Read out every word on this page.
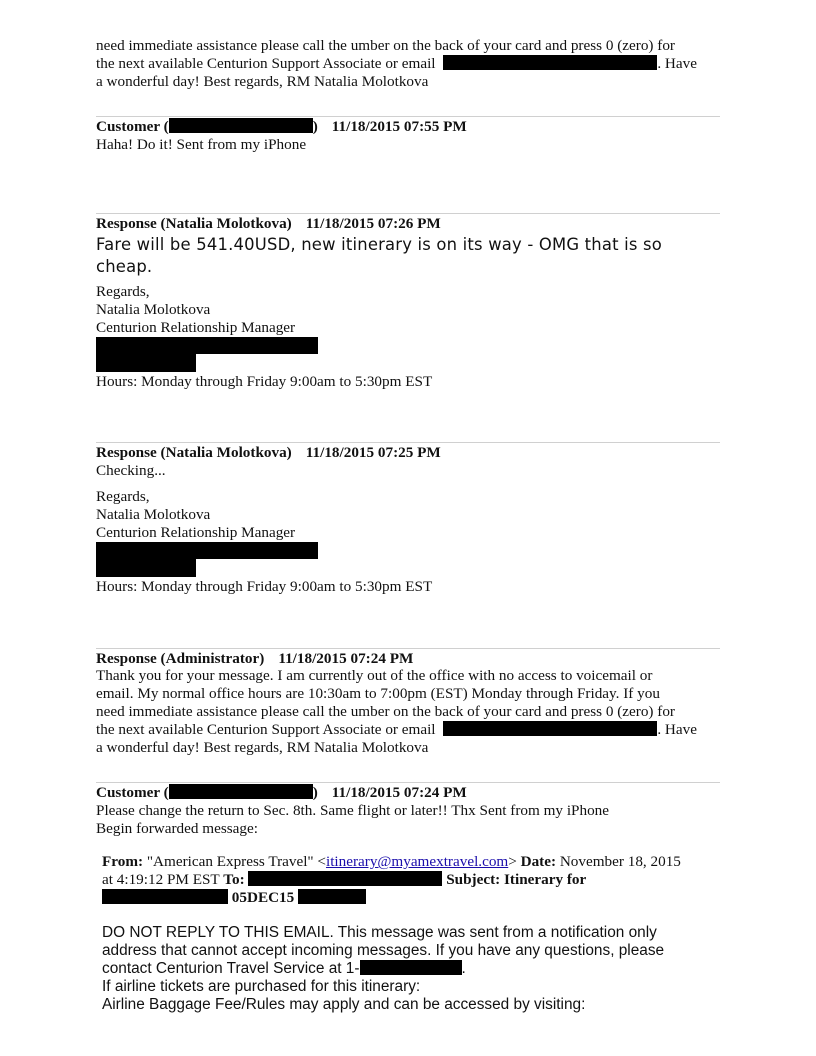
need immediate assistance please call the umber on the back of your card and press 0 (zero) for
the next available Centurion Support Associate or email	. Have
a wonderful day! Best regards, RM Natalia Molotkova
Customer (	) 11/18/2015 07:55 PM
Haha! Do it! Sent from my iPhone
Response (Natalia Molotkova) 11/18/2015 07:26 PM
Fare will be 541.40USD, new itinerary is on its way - OMG that is so cheap.
Regards,
Natalia Molotkova
Centurion Relationship Manager
Hours: Monday through Friday 9:00am to 5:30pm EST
Response (Natalia Molotkova) 11/18/2015 07:25 PM
Checking...
Regards,
Natalia Molotkova
Centurion Relationship Manager
Hours: Monday through Friday 9:00am to 5:30pm EST
Response (Administrator) 11/18/2015 07:24 PM
Thank you for your message. I am currently out of the office with no access to voicemail or
email. My normal office hours are 10:30am to 7:00pm (EST) Monday through Friday. If you
need immediate assistance please call the umber on the back of your card and press 0 (zero) for
the next available Centurion Support Associate or email	. Have
a wonderful day! Best regards, RM Natalia Molotkova
Customer (	) 11/18/2015 07:24 PM
Please change the return to Sec. 8th. Same flight or later!! Thx Sent from my iPhone
Begin forwarded message:
From: "American Express Travel" <itinerary@myamextravel.com> Date: November 18, 2015
at 4:19:12 PM EST To:	Subject: Itinerary for
05DEC15
DO NOT REPLY TO THIS EMAIL. This message was sent from a notification only
address that cannot accept incoming messages. If you have any questions, please
contact Centurion Travel Service at 1-	.
If airline tickets are purchased for this itinerary:
Airline Baggage Fee/Rules may apply and can be accessed by visiting:
